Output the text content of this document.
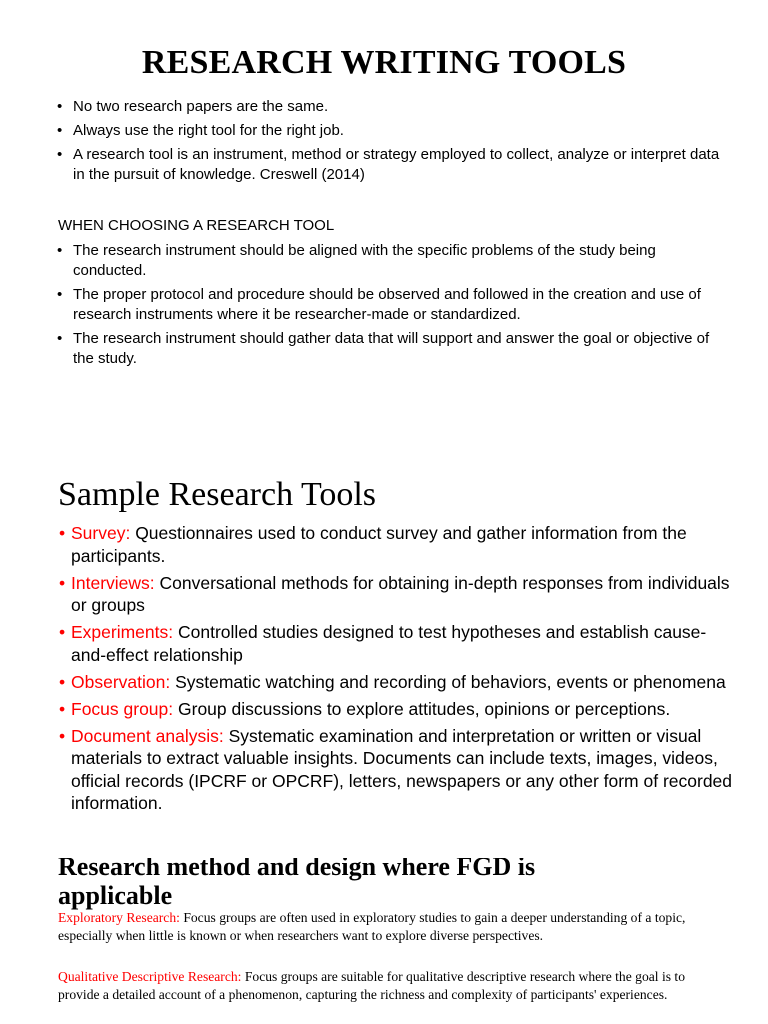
RESEARCH WRITING TOOLS
• No two research papers are the same.
• Always use the right tool for the right job.
• A research tool is an instrument, method or strategy employed to collect, analyze or interpret data in the pursuit of knowledge. Creswell (2014)

WHEN CHOOSING A RESEARCH TOOL

• The research instrument should be aligned with the specific problems of the study being conducted.
• The proper protocol and procedure should be observed and followed in the creation and use of research instruments where it be researcher-made or standardized.
• The research instrument should gather data that will support and answer the goal or objective of the study.
Sample Research Tools
• Survey: Questionnaires used to conduct survey and gather information from the participants.
• Interviews: Conversational methods for obtaining in-depth responses from individuals or groups
• Experiments: Controlled studies designed to test hypotheses and establish cause-and-effect relationship
• Observation: Systematic watching and recording of behaviors, events or phenomena
• Focus group: Group discussions to explore attitudes, opinions or perceptions.
• Document analysis: Systematic examination and interpretation or written or visual materials to extract valuable insights. Documents can include texts, images, videos, official records (IPCRF or OPCRF), letters, newspapers or any other form of recorded information.
Research method and design where FGD is applicable

Exploratory Research: Focus groups are often used in exploratory studies to gain a deeper understanding of a topic, especially when little is known or when researchers want to explore diverse perspectives.

Qualitative Descriptive Research: Focus groups are suitable for qualitative descriptive research where the goal is to provide a detailed account of a phenomenon, capturing the richness and complexity of participants' experiences.
